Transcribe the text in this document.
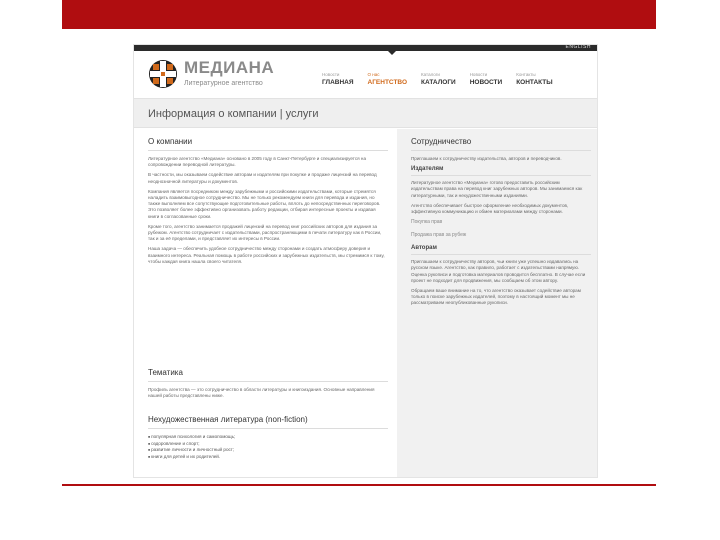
ENGLISH
МЕДИАНА
Литературное агентство
Новости
ГЛАВНАЯ
О нас
АГЕНТСТВО
Каталоги
КАТАЛОГИ
Новости
НОВОСТИ
Контакты
КОНТАКТЫ
Информация о компании | услуги
О компании

Литературное агентство «Медиана» основано в 2005 году в Санкт-Петербурге и специализируется на сопровождении переводной литературы.

В частности, мы оказываем содействие авторам и издателям при покупке и продаже лицензий на перевод неоднозначной литературы и документов.

Компания является посредником между зарубежными и российскими издательствами, которые стремятся наладить взаимовыгодное сотрудничество. Мы не только рекомендуем книги для перевода и издания, но также выполняем все сопутствующие подготовительные работы, вплоть до непосредственных переговоров. Это позволяет более эффективно организовать работу редакции, отбирая интересные проекты и издавая книги в согласованные сроки.

Кроме того, агентство занимается продажей лицензий на перевод книг российских авторов для издания за рубежом. Агентство сотрудничает с издательствами, распространяющими в печати литературу как в России, так и за её пределами, и представляет их интересы в России.

Наша задача — обеспечить удобное сотрудничество между сторонами и создать атмосферу доверия и взаимного интереса. Реальная помощь в работе российских и зарубежных издательств, мы стремимся к тому, чтобы каждая книга нашла своего читателя.

Тематика

Профиль агентства — это сотрудничество в области литературы и книгоиздания. Основные направления нашей работы представлены ниже.

Нехудожественная литература (non-fiction)
■ популярная психология и самопомощь;
■ оздоровление и спорт;
■ развитие личности и личностный рост;
■ книги для детей и их родителей.
Сотрудничество

Приглашаем к сотрудничеству издательства, авторов и переводчиков.

Издателям

Литературное агентство «Медиана» готово предоставить российским издательствам права на перевод книг зарубежных авторов. Мы занимаемся как литературными, так и нехудожественными изданиями.

Агентство обеспечивает быстрое оформление необходимых документов, эффективную коммуникацию и обмен материалами между сторонами.

Покупка прав
Продажа прав за рубеж
Авторам

Приглашаем к сотрудничеству авторов, чьи книги уже успешно издавались на русском языке. Агентство, как правило, работает с издательствами напрямую. Оценка рукописи и подготовка материалов проводится бесплатно. В случае если проект не подходит для продвижения, мы сообщаем об этом автору.

Обращаем ваше внимание на то, что агентство оказывает содействие авторам только в поиске зарубежных издателей, поэтому в настоящий момент мы не рассматриваем неопубликованные рукописи.
